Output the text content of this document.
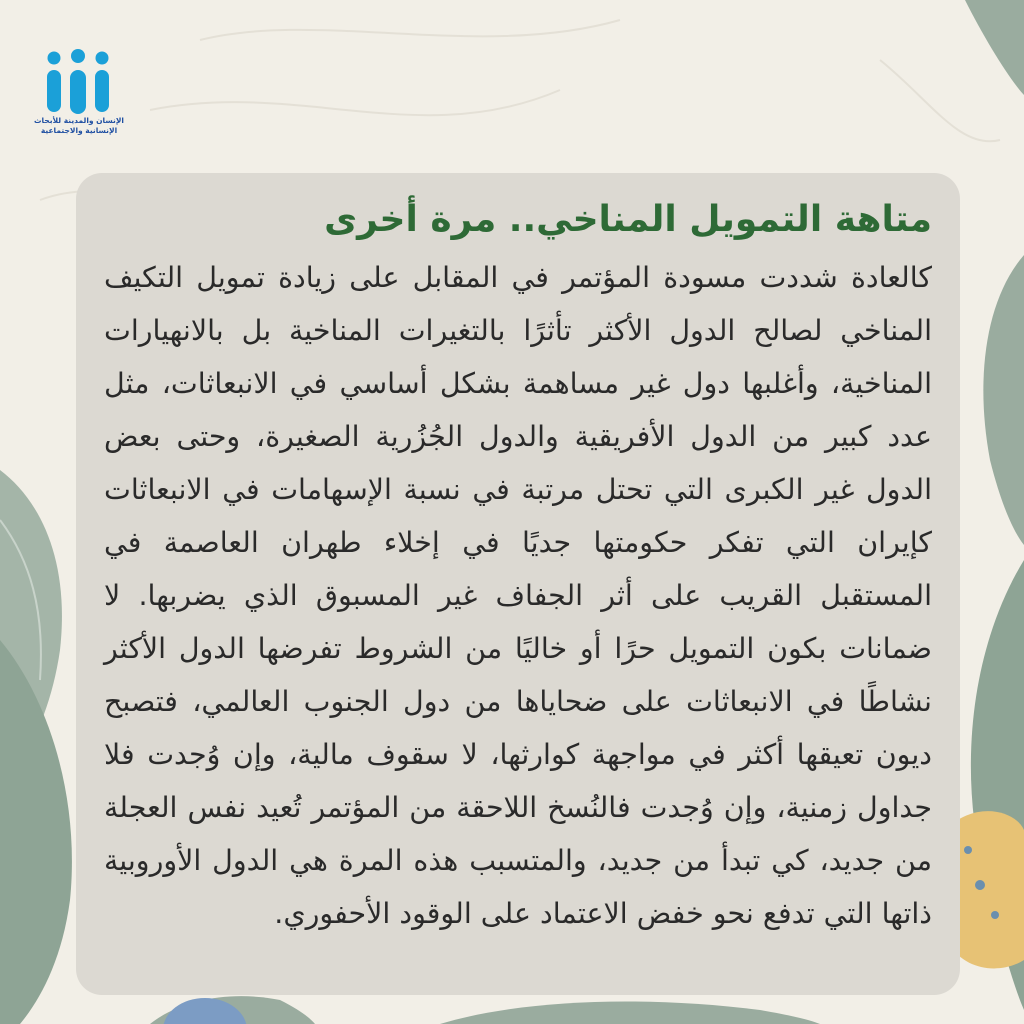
الإنسان والمدينة للأبحاث
الإنسانية والاجتماعية
متاهة التمويل المناخي.. مرة أخرى

كالعادة شددت مسودة المؤتمر في المقابل على زيادة تمويل التكيف المناخي لصالح الدول الأكثر تأثرًا بالتغيرات المناخية بل بالانهيارات المناخية، وأغلبها دول غير مساهمة بشكل أساسي في الانبعاثات، مثل عدد كبير من الدول الأفريقية والدول الجُزُرية الصغيرة، وحتى بعض الدول غير الكبرى التي تحتل مرتبة في نسبة الإسهامات في الانبعاثات كإيران التي تفكر حكومتها جديًا في إخلاء طهران العاصمة في المستقبل القريب على أثر الجفاف غير المسبوق الذي يضربها. لا ضمانات بكون التمويل حرًا أو خاليًا من الشروط تفرضها الدول الأكثر نشاطًا في الانبعاثات على ضحاياها من دول الجنوب العالمي، فتصبح ديون تعيقها أكثر في مواجهة كوارثها، لا سقوف مالية، وإن وُجدت فلا جداول زمنية، وإن وُجدت فالنُسخ اللاحقة من المؤتمر تُعيد نفس العجلة من جديد، كي تبدأ من جديد، والمتسبب هذه المرة هي الدول الأوروبية ذاتها التي تدفع نحو خفض الاعتماد على الوقود الأحفوري.
